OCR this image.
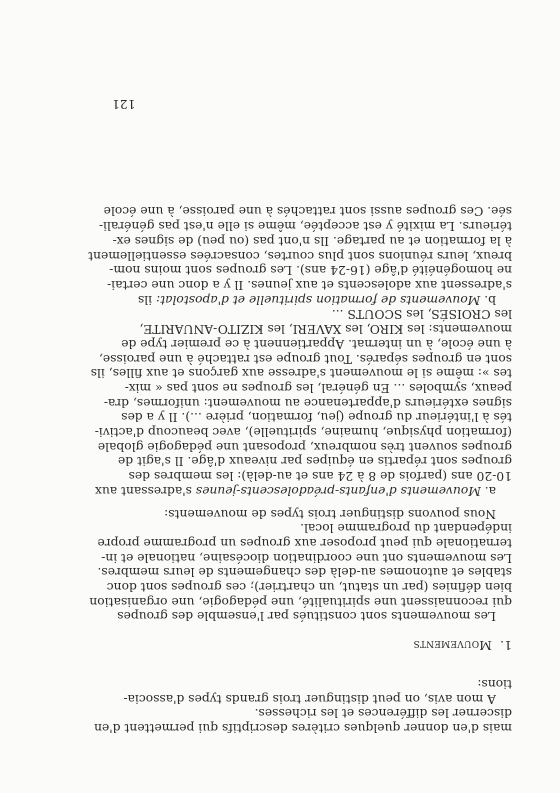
mais d'en donner quelques critères descriptifs qui permettent d'en

discerner les différences et les richesses.

A mon avis, on peut distinguer trois grands types d'associa-

tions:

1.Mouvements

Les mouvements sont constitués par l'ensemble des groupes

qui reconnaissent une spiritualité, une pédagogie, une organisation

bien définies (par un statut, un chartrier); ces groupes sont donc

stables et autonomes au-delà des changements de leurs membres.

Les mouvements ont une coordination diocésaine, nationale et in-

ternationale qui peut proposer aux groupes un programme propre

indépendant du programme local.

Nous pouvons distinguer trois types de mouvements:

a. Mouvements d'enfants-préadolescents-jeunes s'adressant aux

10-20 ans (parfois de 8 à 24 ans et au-delà): les membres des

groupes sont répartis en équipes par niveaux d'âge. Il s'agit de

groupes souvent très nombreux, proposant une pédagogie globale

(formation physique, humaine, spirituelle), avec beaucoup d'activi-

tés à l'intérieur du groupe (jeu, formation, prière ...). Il y a des

signes extérieurs d'appartenance au mouvement: uniformes, dra-

peaux, symboles ... En général, les groupes ne sont pas « mix-

tes »: même si le mouvement s'adresse aux garçons et aux filles, ils

sont en groupes séparés. Tout groupe est rattaché à une paroisse,

à une école, à un internat. Appartiennent à ce premier type de

mouvements: les KIRO, les XAVERI, les KIZITO-ANUARITE,

les CROISÉS, les SCOUTS ...

b. Mouvements de formation spirituelle et d'apostolat: ils

s'adressent aux adolescents et aux jeunes. Il y a donc une certai-

ne homogénéité d'âge (16-24 ans). Les groupes sont moins nom-

breux, leurs réunions sont plus courtes, consacrées essentiellement

à la formation et au partage. Ils n'ont pas (ou peu) de signes ex-

térieurs. La mixité y est acceptée, même si elle n'est pas générali-

sée. Ces groupes aussi sont rattachés à une paroisse, à une école

121
